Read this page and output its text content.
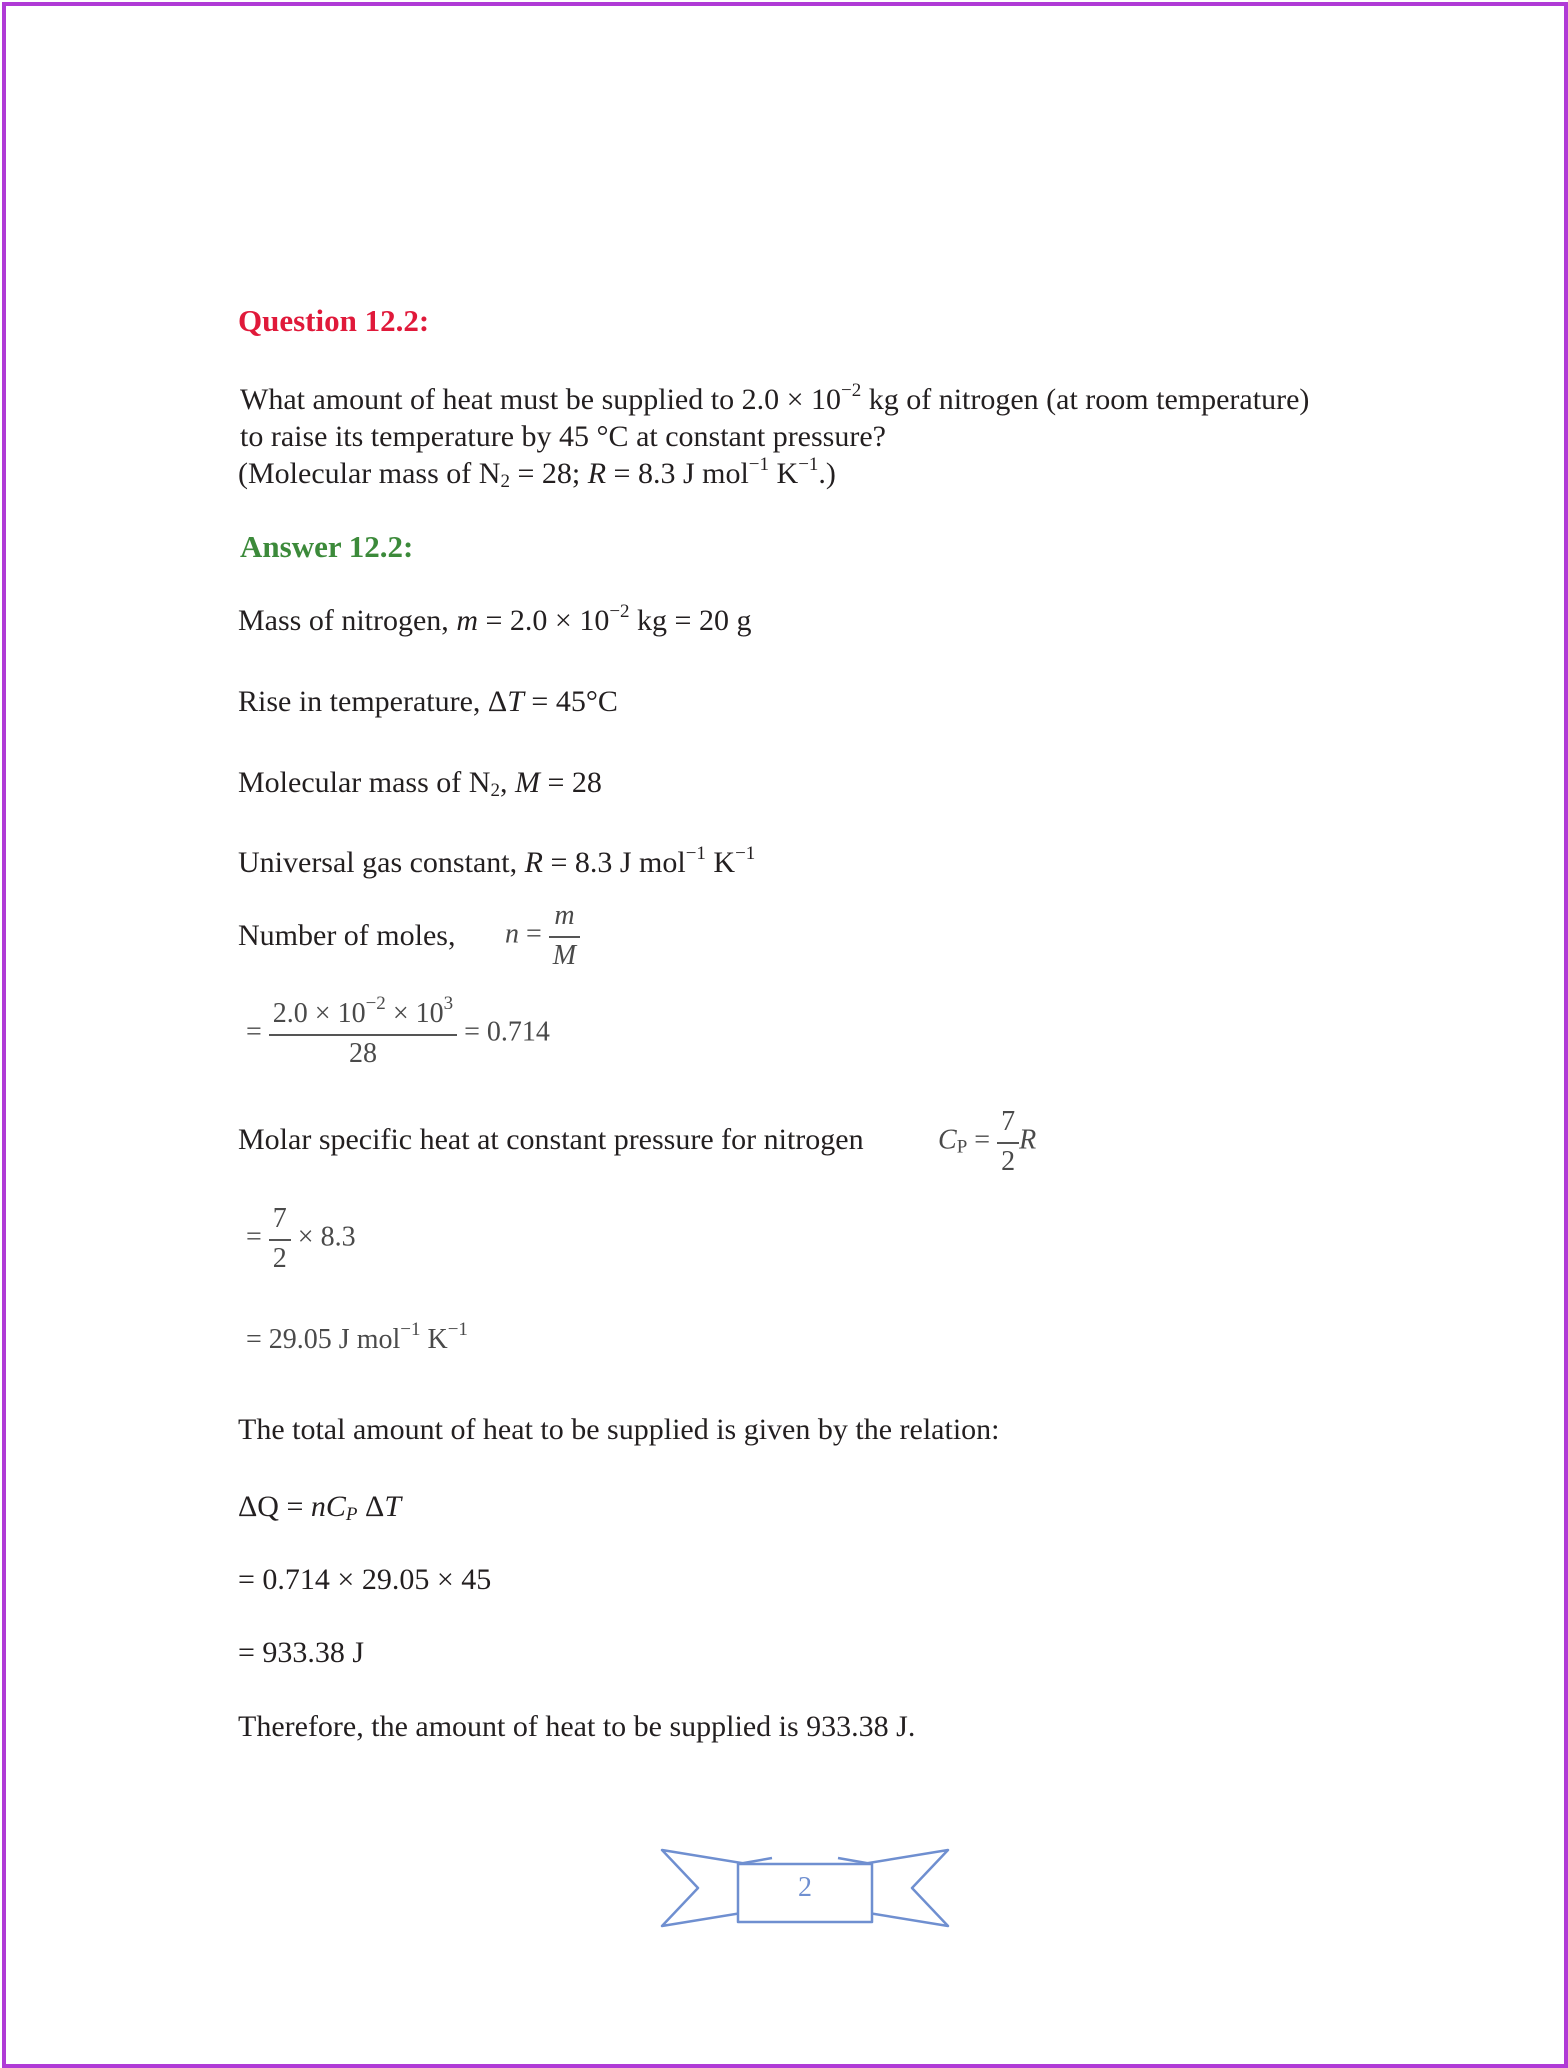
Question 12.2:
What amount of heat must be supplied to $2.0 \times 10^{-2}$ kg of nitrogen (at room temperature)
to raise its temperature by 45 °C at constant pressure?
(Molecular mass of $N_2 = 28$; R = 8.3 J mol$^{-1}$ $K^{-1}$.)
Answer 12.2:
Mass of nitrogen, $m = 2.0 \times 10^{-2}$ kg = 20 g
Rise in temperature, ΔT = 45°C
Molecular mass of $N_2$, M = 28
Universal gas constant, R = 8.3 J mol$^{-1}$ $K^{-1}$
Number of moles, $n = \frac{m}{M}$
= $\frac{2.0 \times 10^{-2} \times 10^3}{28} = 0.714$
Molar specific heat at constant pressure for nitrogen	$C_P = \frac{7}{2}$ R
= $\frac{7}{2} \times 8.3$
= 29.05 J mol$^{-1}$ $K^{-1}$
The total amount of heat to be supplied is given by the relation:
$\Delta Q = nC_P$ ΔT
= 0.714 × 29.05 × 45
= 933.38 J
Therefore, the amount of heat to be supplied is 933.38 J.
2
